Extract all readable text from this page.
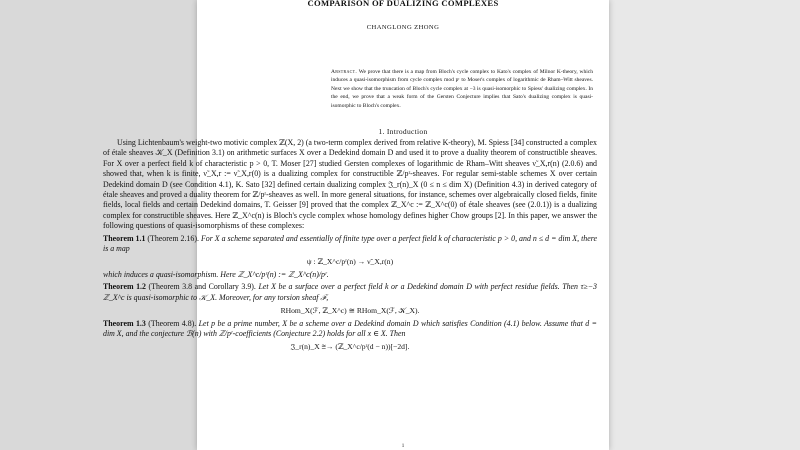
COMPARISON OF DUALIZING COMPLEXES
CHANGLONG ZHONG
Abstract. We prove that there is a map from Bloch's cycle complex to Kato's complex of Milnor K-theory, which induces a quasi-isomorphism from cycle complex mod pʳ to Moser's complex of logarithmic de Rham–Witt sheaves. Next we show that the truncation of Bloch's cycle complex at −3 is quasi-isomorphic to Spiess' dualizing complex. In the end, we prove that a weak form of the Gersten Conjecture implies that Sato's dualizing complex is quasi-isomorphic to Bloch's complex.
1. Introduction

Using Lichtenbaum's weight-two motivic complex ℤ(X, 2) (a two-term complex derived from relative K-theory), M. Spiess [34] constructed a complex of étale sheaves 𝒦_X (Definition 3.1) on arithmetic surfaces X over a Dedekind domain D and used it to prove a duality theorem of constructible sheaves. For X over a perfect field k of characteristic p > 0, T. Moser [27] studied Gersten complexes of logarithmic de Rham–Witt sheaves ν̃_X,r(n) (2.0.6) and showed that, when k is finite, ν̃_X,r := ν̃_X,r(0) is a dualizing complex for constructible ℤ/pʳ-sheaves. For regular semi-stable schemes X over certain Dedekind domain D (see Condition 4.1), K. Sato [32] defined certain dualizing complex 𝔍_r(n)_X (0 ≤ n ≤ dim X) (Definition 4.3) in derived category of étale sheaves and proved a duality theorem for ℤ/pʳ-sheaves as well. In more general situations, for instance, schemes over algebraically closed fields, finite fields, local fields and certain Dedekind domains, T. Geisser [9] proved that the complex ℤ_X^c := ℤ_X^c(0) of étale sheaves (see (2.0.1)) is a dualizing complex for constructible sheaves. Here ℤ_X^c(n) is Bloch's cycle complex whose homology defines higher Chow groups [2]. In this paper, we answer the following questions of quasi-isomorphisms of these complexes:

Theorem 1.1 (Theorem 2.16). For X a scheme separated and essentially of finite type over a perfect field k of characteristic p > 0, and n ≤ d = dim X, there is a map
ψ : ℤ_X^c/pʳ(n) → ν̃_X,r(n)
which induces a quasi-isomorphism. Here ℤ_X^c/pʳ(n) := ℤ_X^c(n)/pʳ.
Theorem 1.2 (Theorem 3.8 and Corollary 3.9). Let X be a surface over a perfect field k or a Dedekind domain D with perfect residue fields. Then τ≥−3 ℤ_X^c is quasi-isomorphic to 𝒦_X. Moreover, for any torsion sheaf ℱ,
RHom_X(ℱ, ℤ_X^c) ≅ RHom_X(ℱ, 𝒦_X).
Theorem 1.3 (Theorem 4.8). Let p be a prime number, X be a scheme over a Dedekind domain D which satisfies Condition (4.1) below. Assume that d = dim X, and the conjecture ℬ(n) with ℤ/pʳ-coefficients (Conjecture 2.2) holds for all x ∈ X. Then
𝔍_r(n)_X ≅→ (ℤ_X^c/pʳ(d − n))[−2d].
1
